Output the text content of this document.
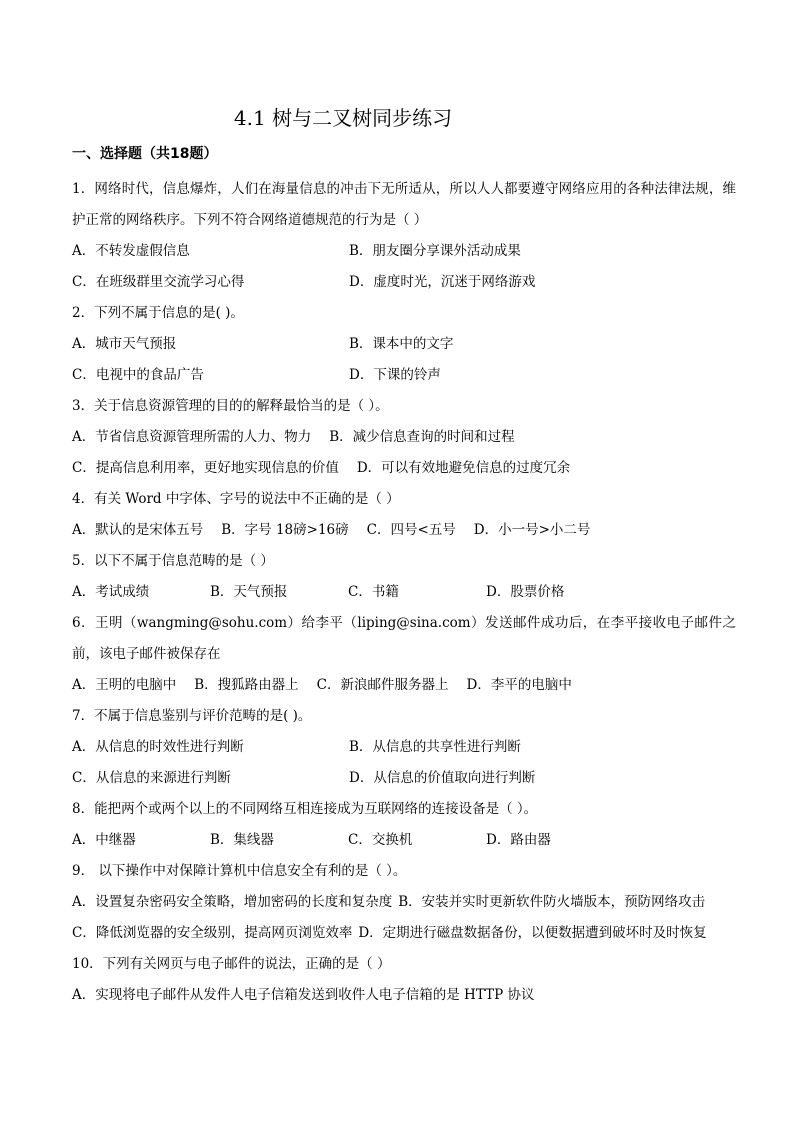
4.1 树与二叉树同步练习
一、选择题（共18题）
1．网络时代，信息爆炸，人们在海量信息的冲击下无所适从，所以人人都要遵守网络应用的各种法律法规，维护正常的网络秩序。下列不符合网络道德规范的行为是（ ）
A．不转发虚假信息	B．朋友圈分享课外活动成果
C．在班级群里交流学习心得	D．虚度时光，沉迷于网络游戏
2．下列不属于信息的是( )。
A．城市天气预报	B．课本中的文字
C．电视中的食品广告	D．下课的铃声
3．关于信息资源管理的目的的解释最恰当的是（ ）。
A．节省信息资源管理所需的人力、物力	B．减少信息查询的时间和过程
C．提高信息利用率，更好地实现信息的价值	D．可以有效地避免信息的过度冗余
4．有关 Word 中字体、字号的说法中不正确的是（ ）
A．默认的是宋体五号	B．字号 18磅>16磅	C．四号<五号	D．小一号>小二号
5．以下不属于信息范畴的是（ ）
A．考试成绩	B．天气预报	C．书籍	D．股票价格
6．王明（wangming@sohu.com）给李平（liping@sina.com）发送邮件成功后，在李平接收电子邮件之前，该电子邮件被保存在
A．王明的电脑中	B．搜狐路由器上	C．新浪邮件服务器上	D．李平的电脑中
7．不属于信息鉴别与评价范畴的是( )。
A．从信息的时效性进行判断	B．从信息的共享性进行判断
C．从信息的来源进行判断	D．从信息的价值取向进行判断
8．能把两个或两个以上的不同网络互相连接成为互联网络的连接设备是（ ）。
A．中继器	B．集线器	C．交换机	D．路由器
9． 以下操作中对保障计算机中信息安全有利的是（ ）。
A．设置复杂密码安全策略，增加密码的长度和复杂度 B．安装并实时更新软件防火墙版本，预防网络攻击
C．降低浏览器的安全级别，提高网页浏览效率 D．定期进行磁盘数据备份，以便数据遭到破坏时及时恢复
10．下列有关网页与电子邮件的说法，正确的是（ ）
A．实现将电子邮件从发件人电子信箱发送到收件人电子信箱的是 HTTP 协议
